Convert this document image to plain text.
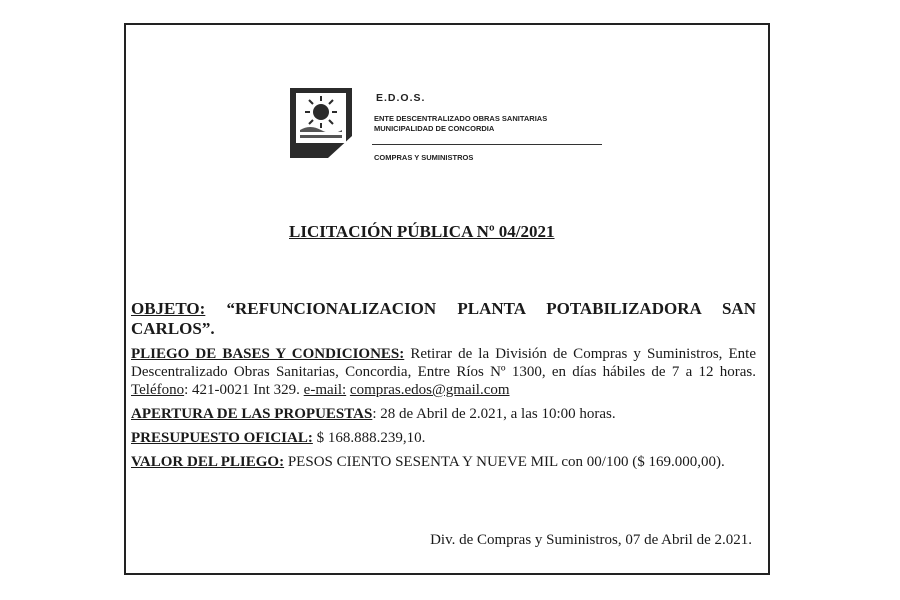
E.D.O.S.
ENTE DESCENTRALIZADO OBRAS SANITARIAS
MUNICIPALIDAD DE CONCORDIA
COMPRAS Y SUMINISTROS
LICITACIÓN PÚBLICA Nº 04/2021

OBJETO: “REFUNCIONALIZACION PLANTA POTABILIZADORA SAN CARLOS”.

PLIEGO DE BASES Y CONDICIONES: Retirar de la División de Compras y Suministros, Ente Descentralizado Obras Sanitarias, Concordia, Entre Ríos Nº 1300, en días hábiles de 7 a 12 horas. Teléfono: 421-0021 Int 329. e-mail: compras.edos@gmail.com

APERTURA DE LAS PROPUESTAS: 28 de Abril de 2.021, a las 10:00 horas.

PRESUPUESTO OFICIAL: $ 168.888.239,10.

VALOR DEL PLIEGO: PESOS CIENTO SESENTA Y NUEVE MIL con 00/100 ($ 169.000,00).

Div. de Compras y Suministros, 07 de Abril de 2.021.
